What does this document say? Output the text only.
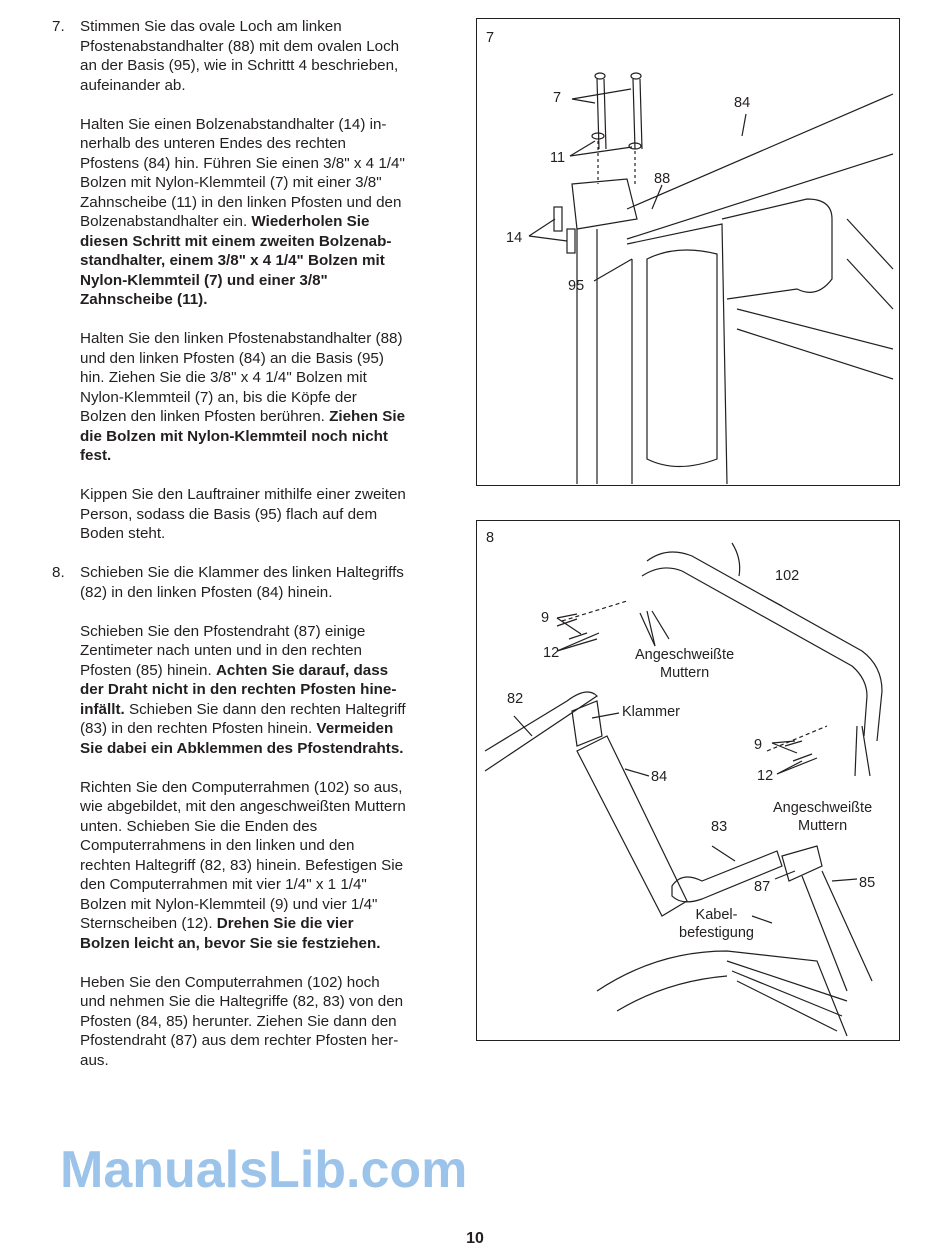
7. Stimmen Sie das ovale Loch am linken
Pfostenabstandhalter (88) mit dem ovalen Loch
an der Basis (95), wie in Schrittt 4 beschrieben,
aufeinander ab.

Halten Sie einen Bolzenabstandhalter (14) in-
nerhalb des unteren Endes des rechten
Pfostens (84) hin. Führen Sie einen 3/8" x 4 1/4"
Bolzen mit Nylon-Klemmteil (7) mit einer 3/8"
Zahnscheibe (11) in den linken Pfosten und den
Bolzenabstandhalter ein. Wiederholen Sie
diesen Schritt mit einem zweiten Bolzenab-
standhalter, einem 3/8" x 4 1/4" Bolzen mit
Nylon-Klemmteil (7) und einer 3/8"
Zahnscheibe (11).

Halten Sie den linken Pfostenabstandhalter (88)
und den linken Pfosten (84) an die Basis (95)
hin. Ziehen Sie die 3/8" x 4 1/4" Bolzen mit
Nylon-Klemmteil (7) an, bis die Köpfe der
Bolzen den linken Pfosten berühren. Ziehen Sie
die Bolzen mit Nylon-Klemmteil noch nicht
fest.

Kippen Sie den Lauftrainer mithilfe einer zweiten
Person, sodass die Basis (95) flach auf dem
Boden steht.

8. Schieben Sie die Klammer des linken Haltegriffs
(82) in den linken Pfosten (84) hinein.

Schieben Sie den Pfostendraht (87) einige
Zentimeter nach unten und in den rechten
Pfosten (85) hinein. Achten Sie darauf, dass
der Draht nicht in den rechten Pfosten hine-
infällt. Schieben Sie dann den rechten Haltegriff
(83) in den rechten Pfosten hinein. Vermeiden
Sie dabei ein Abklemmen des Pfostendrahts.

Richten Sie den Computerrahmen (102) so aus,
wie abgebildet, mit den angeschweißten Muttern
unten. Schieben Sie die Enden des
Computerrahmens in den linken und den
rechten Haltegriff (82, 83) hinein. Befestigen Sie
den Computerrahmen mit vier 1/4" x 1 1/4"
Bolzen mit Nylon-Klemmteil (9) und vier 1/4"
Sternscheiben (12). Drehen Sie die vier
Bolzen leicht an, bevor Sie sie festziehen.

Heben Sie den Computerrahmen (102) hoch
und nehmen Sie die Haltegriffe (82, 83) von den
Pfosten (84, 85) herunter. Ziehen Sie dann den
Pfostendraht (87) aus dem rechter Pfosten her-
aus.

7
7	84
11
88
14
95
8
102
9
12	Angeschweißte
Muttern
82
Klammer
9
84	12
Angeschweißte
Muttern
83
87	85
Kabel-
befestigung
ManualsLib.com
10
